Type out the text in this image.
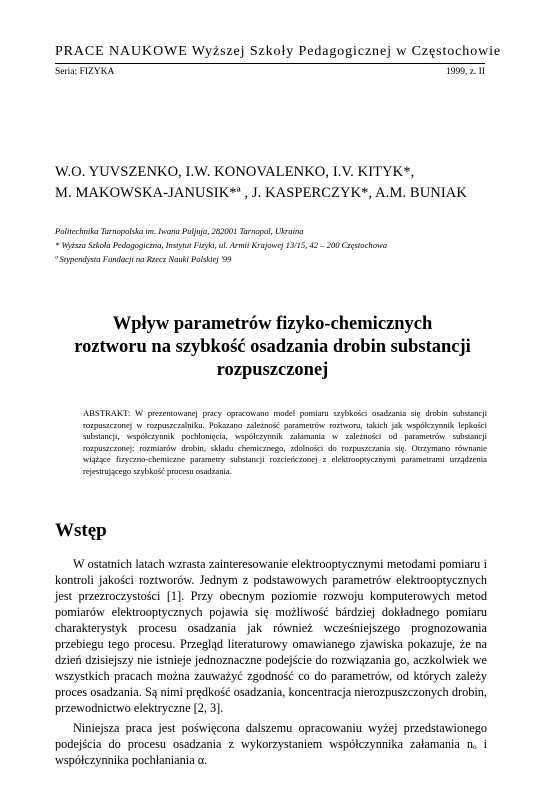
PRACE NAUKOWE Wyższej Szkoły Pedagogicznej w Częstochowie
Seria: FIZYKA	1999, z. II
W.O. YUVSZENKO, I.W. KONOVALENKO, I.V. KITYK*,
M. MAKOWSKA-JANUSIK*ª , J. KASPERCZYK*, A.M. BUNIAK
Politechnika Tarnopolska im. Iwana Puljuja, 282001 Tarnopol, Ukraina
* Wyższa Szkoła Pedagogiczna, Instytut Fizyki, ul. Armii Krajowej 13/15, 42 – 200 Częstochowa
ª Stypendysta Fundacji na Rzecz Nauki Polskiej '99
Wpływ parametrów fizyko-chemicznych
roztworu na szybkość osadzania drobin substancji
rozpuszczonej
ABSTRAKT: W prezentowanej pracy opracowano model pomiaru szybkości osadzania się drobin substancji rozpuszczonej w rozpuszczalniku. Pokazano zależność parametrów roztworu, takich jak współczynnik lepkości substancji, współczynnik pochłonięcia, współczynnik załamania w zależności od parametrów substancji rozpuszczonej: rozmiarów drobin, składu chemicznego, zdolności do rozpuszczania się. Otrzymano równanie wiążące fizyczno-chemiczne parametry substancji rozcieńczonej z elektrooptycznymi parametrami urządzenia rejestrującego szybkość procesu osadzania.
Wstęp

W ostatnich latach wzrasta zainteresowanie elektrooptycznymi metodami pomiaru i kontroli jakości roztworów. Jednym z podstawowych parametrów elektrooptycznych jest przezroczystości [1]. Przy obecnym poziomie rozwoju komputerowych metod pomiarów elektrooptycznych pojawia się możliwość bárdziej dokładnego pomiaru charakterystyk procesu osadzania jak również wcześniejszego prognozowania przebiegu tego procesu. Przegląd literaturowy omawianego zjawiska pokazuje, że na dzień dzisiejszy nie istnieje jednoznaczne podejście do rozwiązania go, aczkolwiek we wszystkich pracach można zauważyć zgodność co do parametrów, od których zależy proces osadzania. Są nimi prędkość osadzania, koncentracja nierozpuszczonych drobin, przewodnictwo elektryczne [2, 3].

Niniejsza praca jest poświęcona dalszemu opracowaniu wyżej przedstawionego podejścia do procesu osadzania z wykorzystaniem współczynnika załamania nₒ i współczynnika pochłaniania α.
